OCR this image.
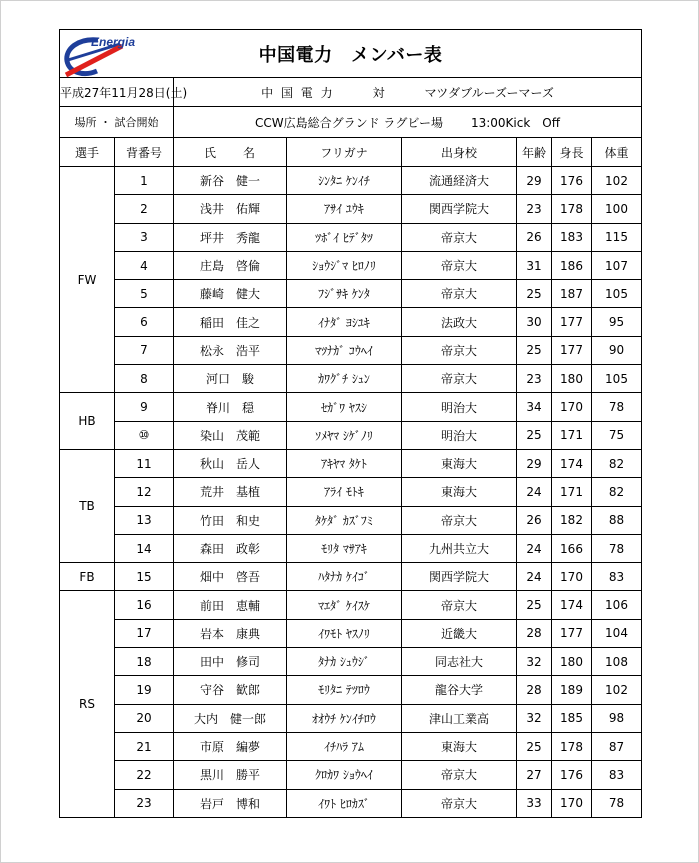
Energia
中国電力　メンバー表							
平成27年11月28日(土)		中 国 電 力 対 マツダブルーズーマーズ					
場所 ・ 試合開始		CCW広島総合グランド ラグビー場 13:00Kick　Off					
選手	背番号	氏　　名	フリガナ	出身校	年齢	身長	体重
FW	1	新谷　健一	ｼﾝﾀﾆ ｹﾝｲﾁ	流通経済大	29	176	102
	2	浅井　佑輝	ｱｻｲ ﾕｳｷ	関西学院大	23	178	100
	3	坪井　秀龍	ﾂﾎﾞｲ ﾋﾃﾞﾀﾂ	帝京大	26	183	115
	4	庄島　啓倫	ｼｮｳｼﾞﾏ ﾋﾛﾉﾘ	帝京大	31	186	107
	5	藤崎　健大	ﾌｼﾞｻｷ ｹﾝﾀ	帝京大	25	187	105
	6	稲田　佳之	ｲﾅﾀﾞ ﾖｼﾕｷ	法政大	30	177	95
	7	松永　浩平	ﾏﾂﾅｶﾞ ｺｳﾍｲ	帝京大	25	177	90
	8	河口　駿	ｶﾜｸﾞﾁ ｼｭﾝ	帝京大	23	180	105
HB	9	脊川　穏	ｾｶﾞﾜ ﾔｽｼ	明治大	34	170	78
	⑩	染山　茂範	ｿﾒﾔﾏ ｼｹﾞﾉﾘ	明治大	25	171	75
TB	11	秋山　岳人	ｱｷﾔﾏ ﾀｹﾄ	東海大	29	174	82
	12	荒井　基植	ｱﾗｲ ﾓﾄｷ	東海大	24	171	82
	13	竹田　和史	ﾀｹﾀﾞ ｶｽﾞﾌﾐ	帝京大	26	182	88
	14	森田　政彰	ﾓﾘﾀ ﾏｻｱｷ	九州共立大	24	166	78
FB	15	畑中　啓吾	ﾊﾀﾅｶ ｹｲｺﾞ	関西学院大	24	170	83
RS	16	前田　恵輔	ﾏｴﾀﾞ ｹｲｽｹ	帝京大	25	174	106
	17	岩本　康典	ｲﾜﾓﾄ ﾔｽﾉﾘ	近畿大	28	177	104
	18	田中　修司	ﾀﾅｶ ｼｭｳｼﾞ	同志社大	32	180	108
	19	守谷　歓郎	ﾓﾘﾀﾆ ﾃﾂﾛｳ	龍谷大学	28	189	102
	20	大内　健一郎	ｵｵｳﾁ ｹﾝｲﾁﾛｳ	津山工業高	32	185	98
	21	市原　編夢	ｲﾁﾊﾗ ｱﾑ	東海大	25	178	87
	22	黒川　勝平	ｸﾛｶﾜ ｼｮｳﾍｲ	帝京大	27	176	83
	23	岩戸　博和	ｲﾜﾄ ﾋﾛｶｽﾞ	帝京大	33	170	78
